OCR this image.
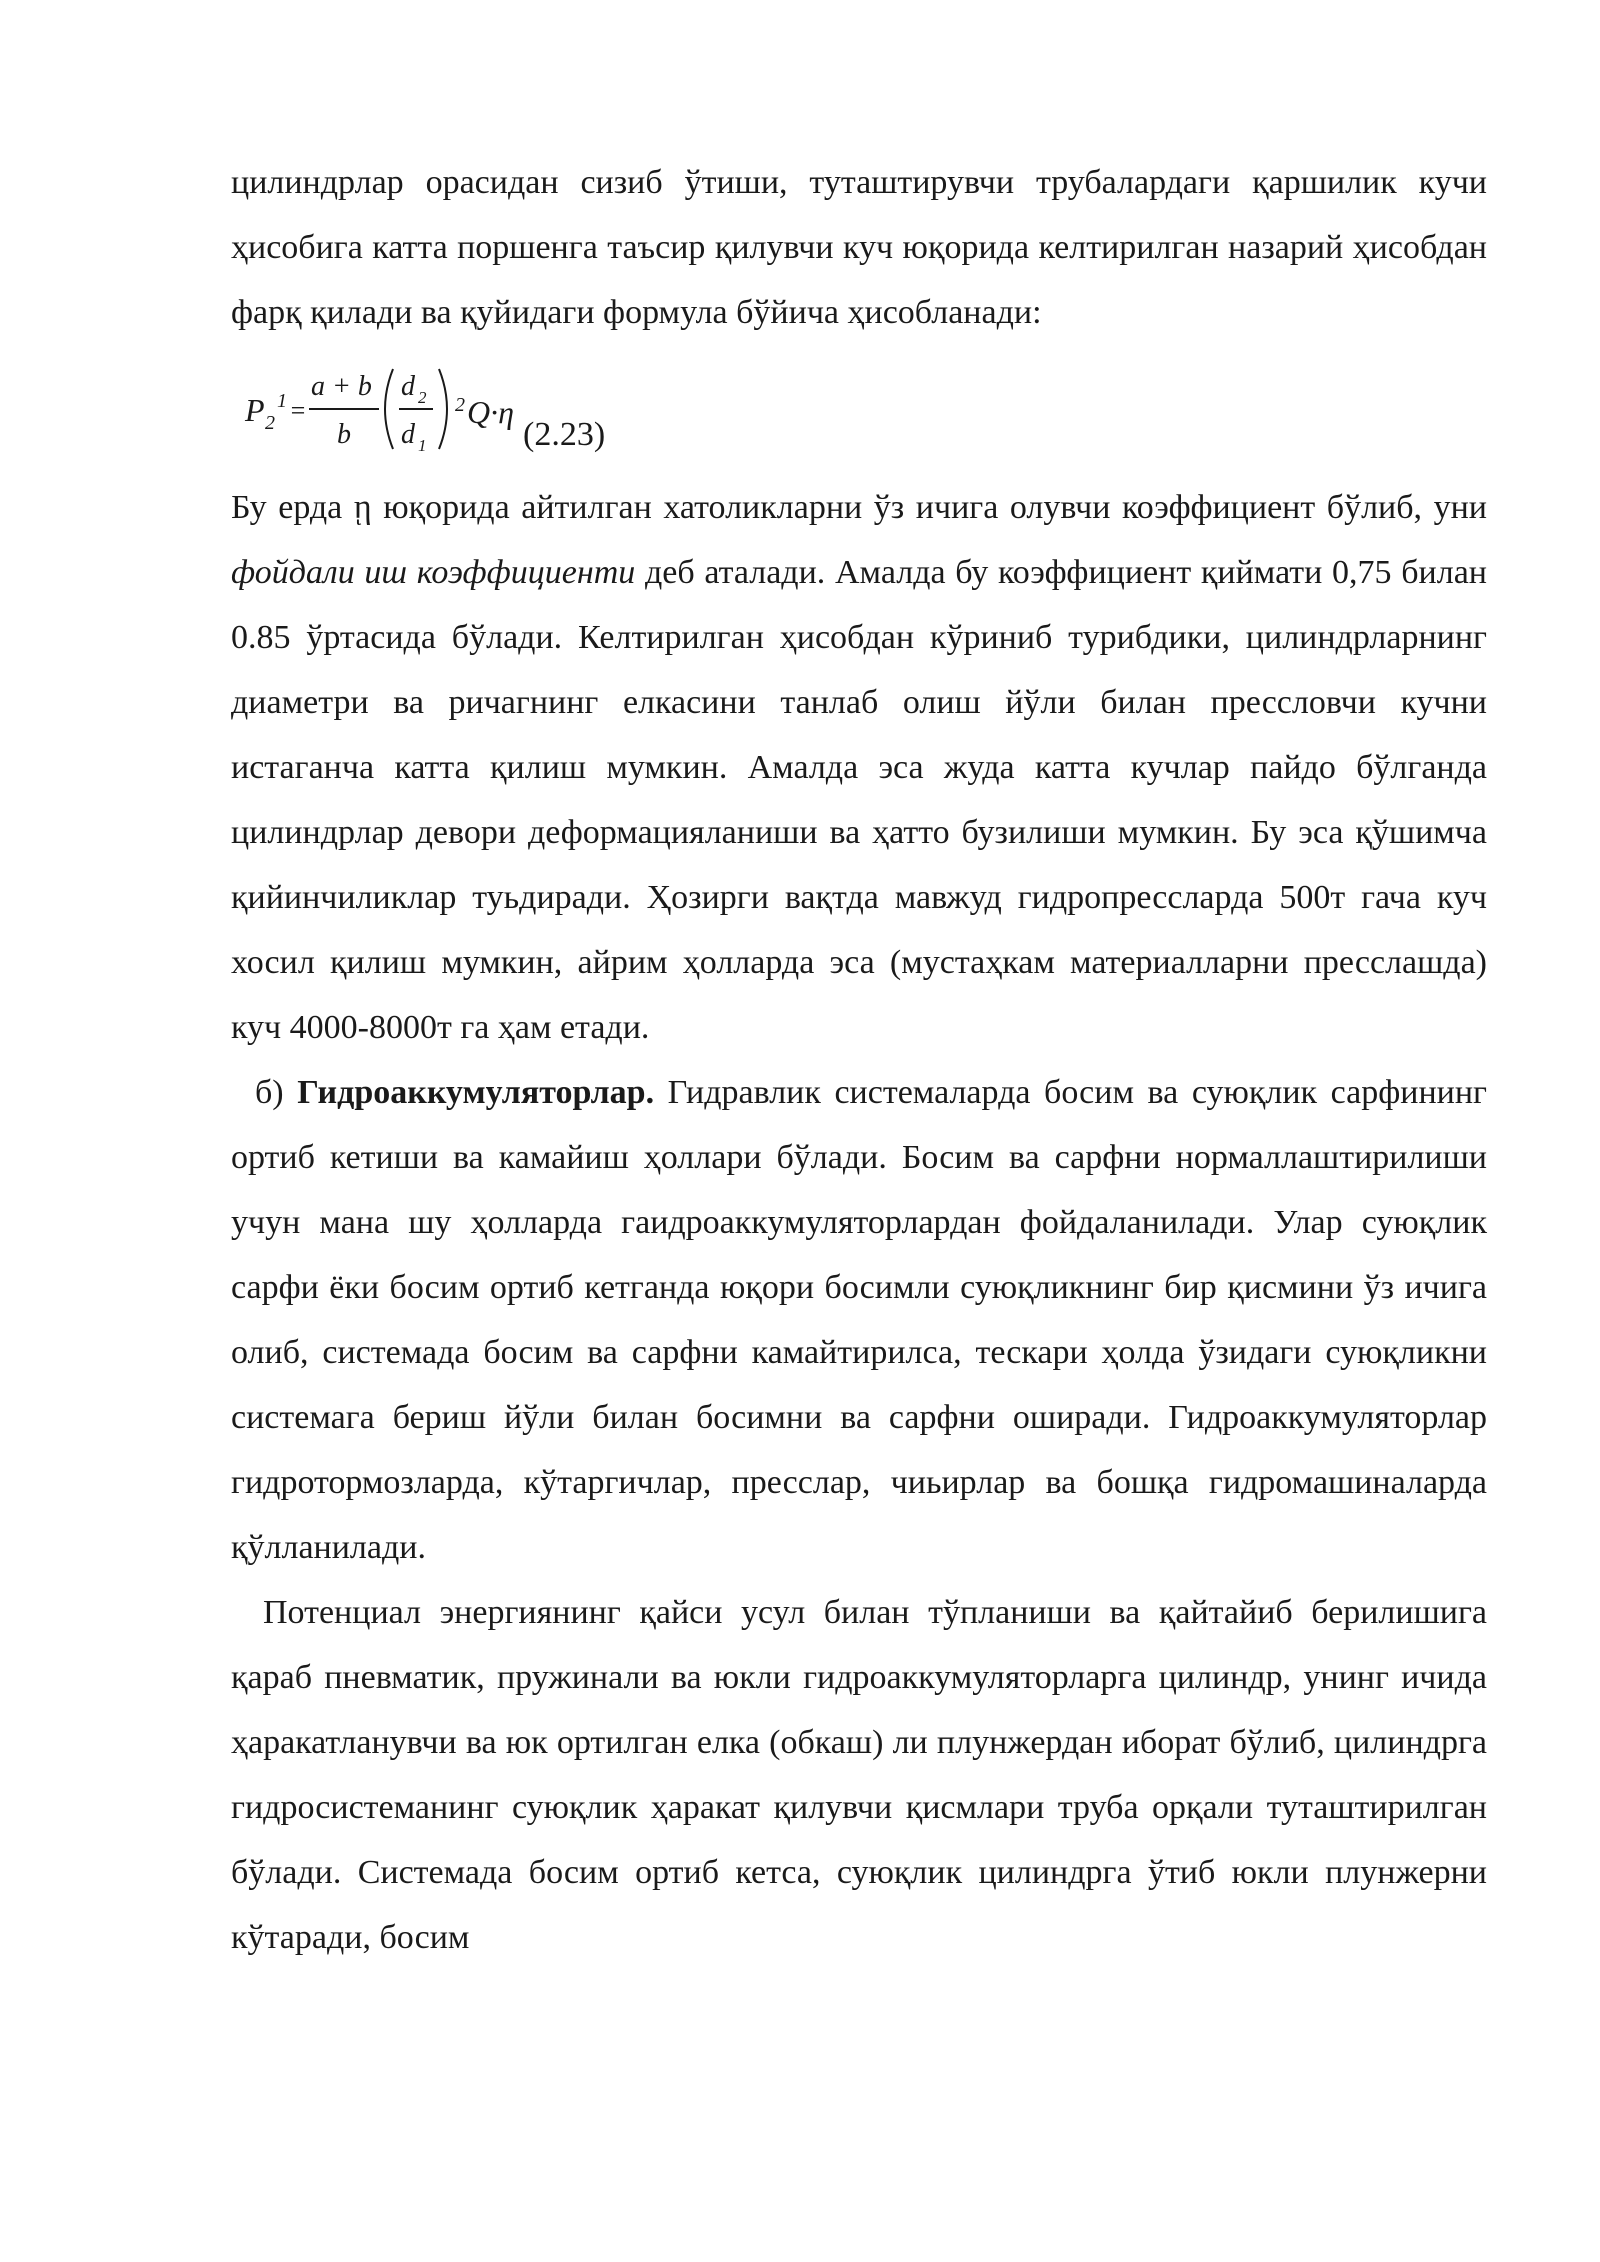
цилиндрлар орасидан сизиб ўтиши, туташтирувчи трубалардаги қаршилик кучи ҳисобига катта поршенга таъсир қилувчи куч юқорида келтирилган назарий ҳисобдан фарқ қилади ва қуйидаги формула бўйича ҳисобланади:

P 2
1 =
a + b
b
d 2
d 1
2 Q·η
(2.23)

Бу ерда ῃ юқорида айтилган хатоликларни ўз ичига олувчи коэффициент бўлиб, уни фойдали иш коэффициенти деб аталади. Амалда бу коэффициент қиймати 0,75 билан 0.85 ўртасида бўлади. Келтирилган ҳисобдан кўриниб турибдики, цилиндрларнинг диаметри ва ричагнинг елкасини танлаб олиш йўли билан прессловчи кучни истаганча катта қилиш мумкин. Амалда эса жуда катта кучлар пайдо бўлганда цилиндрлар девори деформацияланиши ва ҳатто бузилиши мумкин. Бу эса қўшимча қийинчиликлар туьдиради. Ҳозирги вақтда мавжуд гидропрессларда 500т гача куч хосил қилиш мумкин, айрим ҳолларда эса (мустаҳкам материалларни пресслашда) куч 4000-8000т га ҳам етади.

б) Гидроаккумуляторлар. Гидравлик системаларда босим ва суюқлик сарфининг ортиб кетиши ва камайиш ҳоллари бўлади. Босим ва сарфни нормаллаштирилиши учун мана шу ҳолларда гаидроаккумуляторлардан фойдаланилади. Улар суюқлик сарфи ёки босим ортиб кетганда юқори босимли суюқликнинг бир қисмини ўз ичига олиб, системада босим ва сарфни камайтирилса, тескари ҳолда ўзидаги суюқликни системага бериш йўли билан босимни ва сарфни оширади. Гидроаккумуляторлар гидротормозларда, кўтаргичлар, пресслар, чиьирлар ва бошқа гидромашиналарда қўлланилади.

Потенциал энергиянинг қайси усул билан тўпланиши ва қайтайиб берилишига қараб пневматик, пружинали ва юкли гидроаккумуляторларга цилиндр, унинг ичида ҳаракатланувчи ва юк ортилган елка (обкаш) ли плунжердан иборат бўлиб, цилиндрга гидросистеманинг суюқлик ҳаракат қилувчи қисмлари труба орқали туташтирилган бўлади. Системада босим ортиб кетса, суюқлик цилиндрга ўтиб юкли плунжерни кўтаради, босим
